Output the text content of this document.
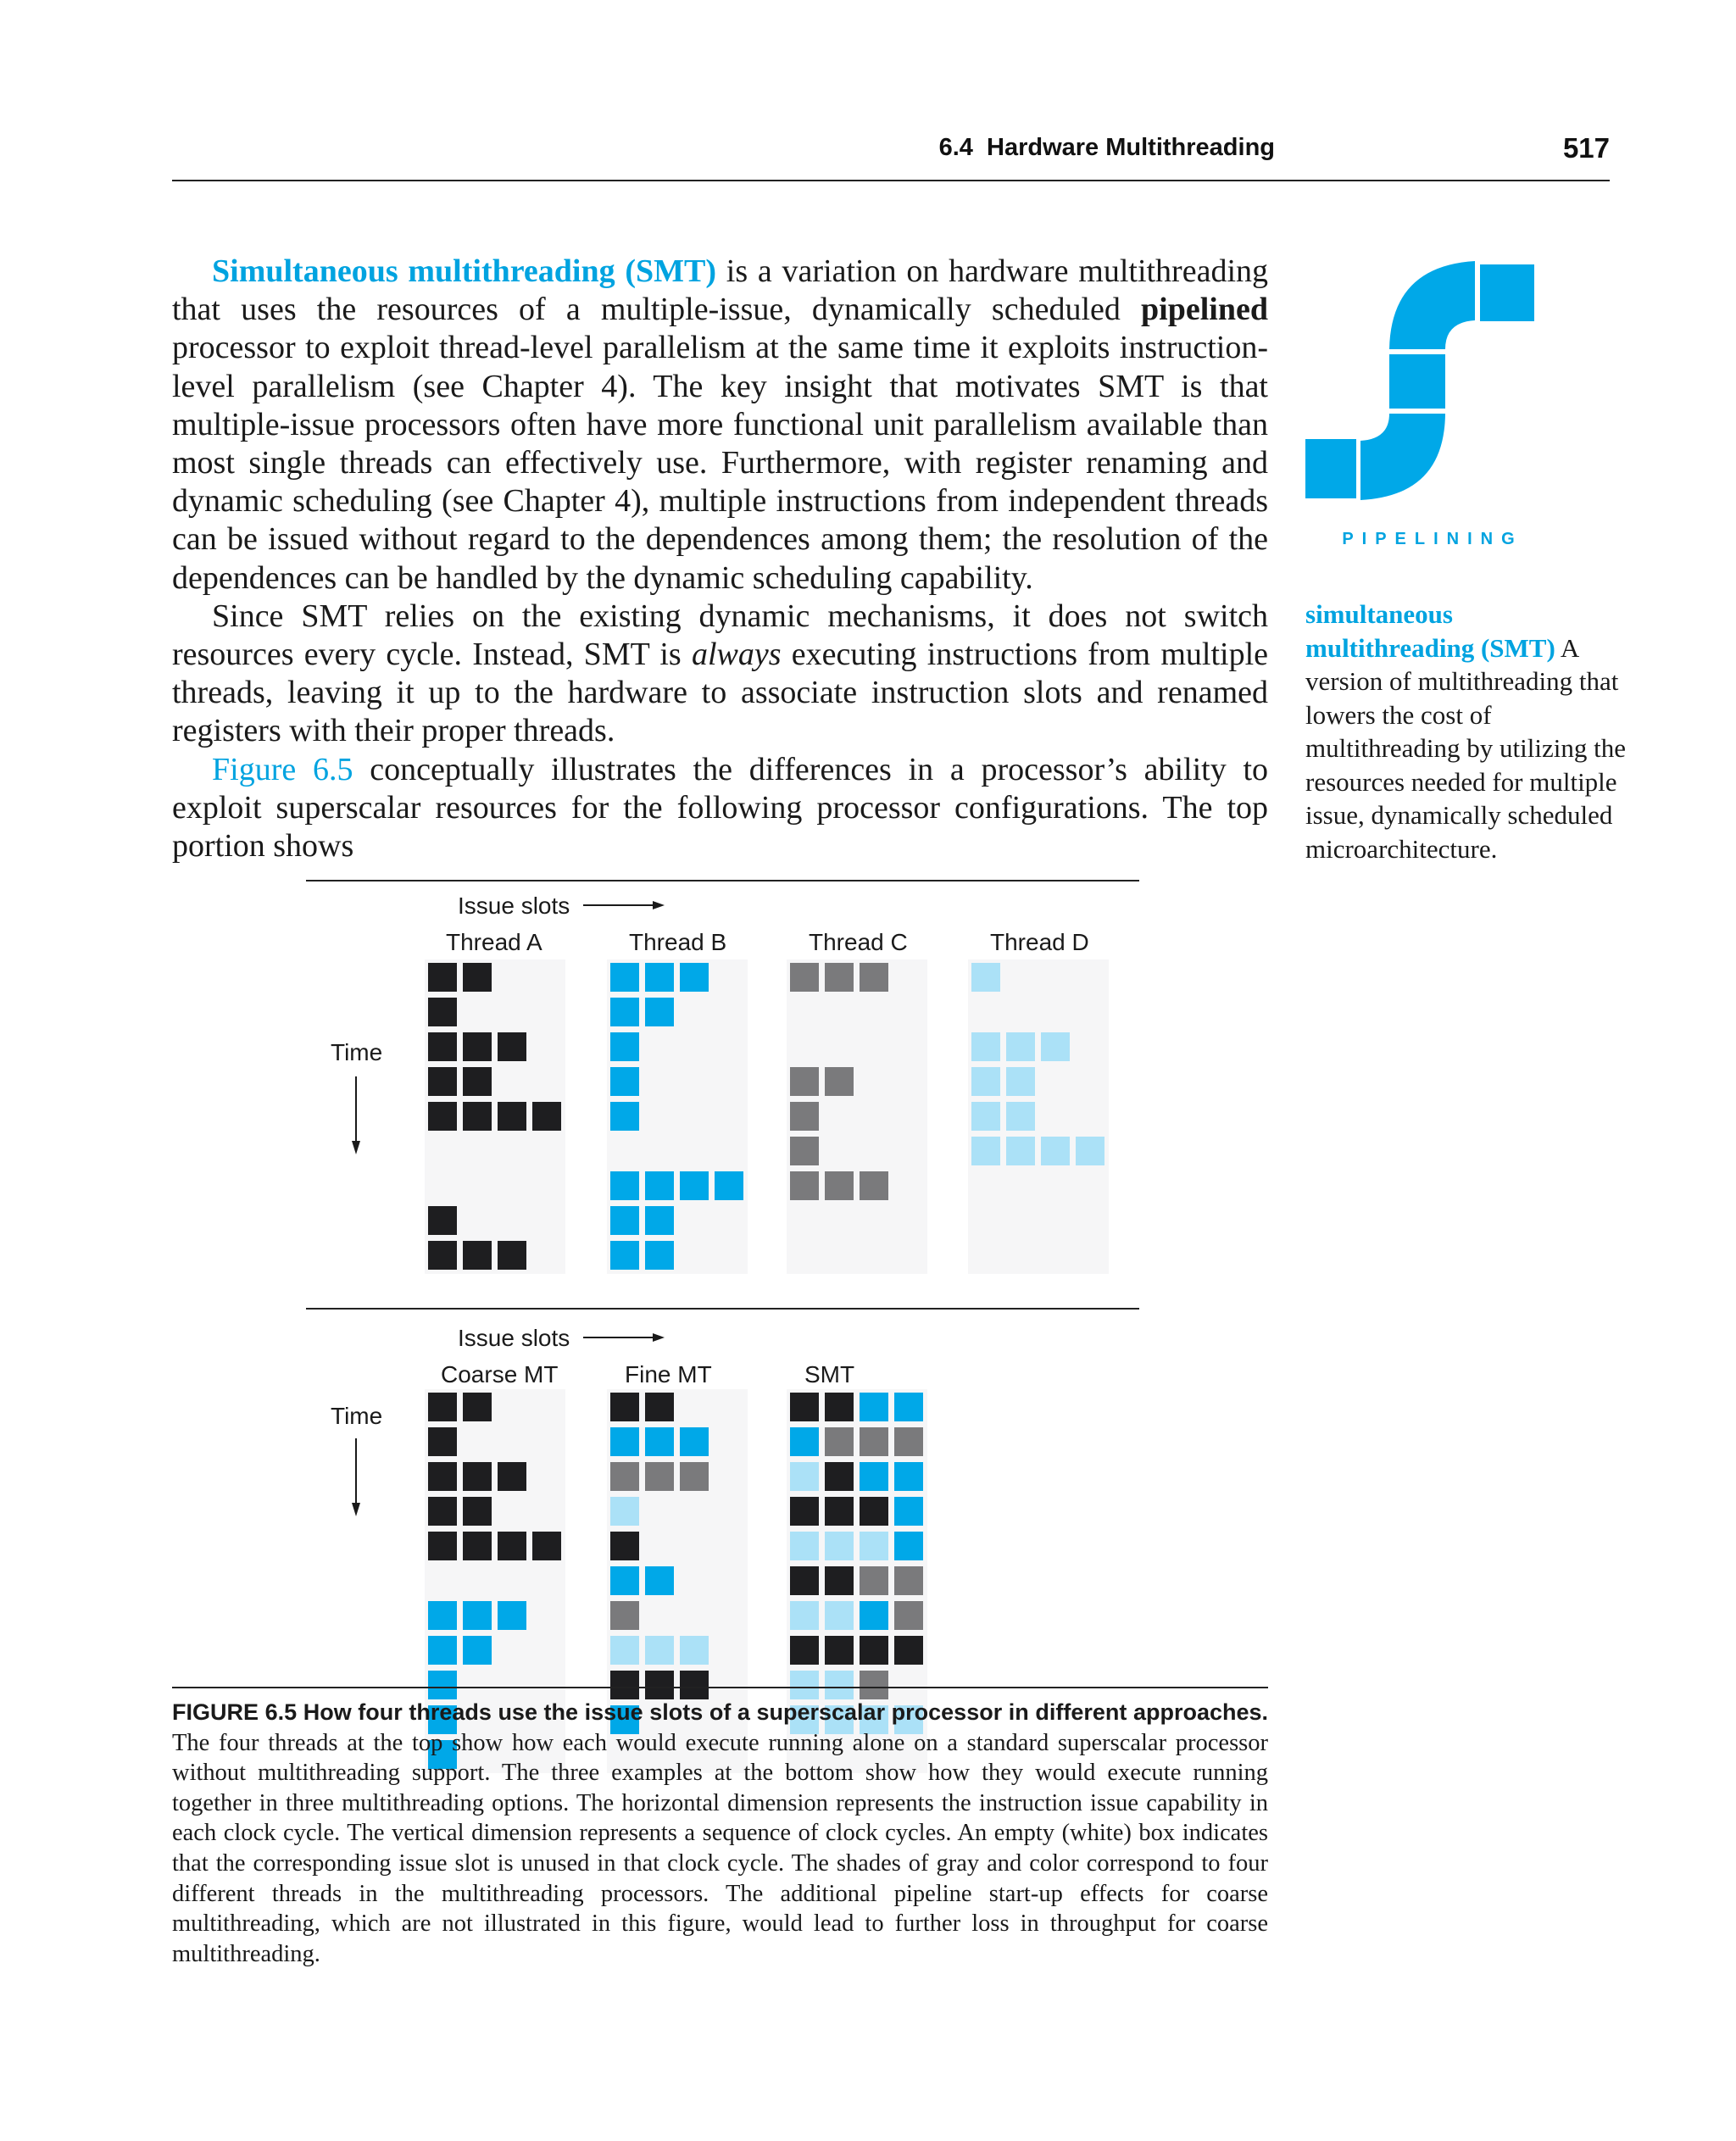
6.4  Hardware Multithreading	517

Simultaneous multithreading (SMT) is a variation on hardware multithreading that uses the resources of a multiple-issue, dynamically scheduled pipelined processor to exploit thread-level parallelism at the same time it exploits instruction-level parallelism (see Chapter 4). The key insight that motivates SMT is that multiple-issue processors often have more functional unit parallelism available than most single threads can effectively use. Furthermore, with register renaming and dynamic scheduling (see Chapter 4), multiple instructions from independent threads can be issued without regard to the dependences among them; the resolution of the dependences can be handled by the dynamic scheduling capability.

Since SMT relies on the existing dynamic mechanisms, it does not switch resources every cycle. Instead, SMT is always executing instructions from multiple threads, leaving it up to the hardware to associate instruction slots and renamed registers with their proper threads.

Figure 6.5 conceptually illustrates the differences in a processor’s ability to exploit superscalar resources for the following processor configurations. The top portion shows

PIPELINING
simultaneous multithreading (SMT) A version of multithreading that lowers the cost of multithreading by utilizing the resources needed for multiple issue, dynamically scheduled microarchitecture.
Issue slots
Thread A	Thread B	Thread C	Thread D
Time
Issue slots
Coarse MT	Fine MT	SMT
Time
FIGURE 6.5 How four threads use the issue slots of a superscalar processor in different approaches. The four threads at the top show how each would execute running alone on a standard superscalar processor without multithreading support. The three examples at the bottom show how they would execute running together in three multithreading options. The horizontal dimension represents the instruction issue capability in each clock cycle. The vertical dimension represents a sequence of clock cycles. An empty (white) box indicates that the corresponding issue slot is unused in that clock cycle. The shades of gray and color correspond to four different threads in the multithreading processors. The additional pipeline start-up effects for coarse multithreading, which are not illustrated in this figure, would lead to further loss in throughput for coarse multithreading.
